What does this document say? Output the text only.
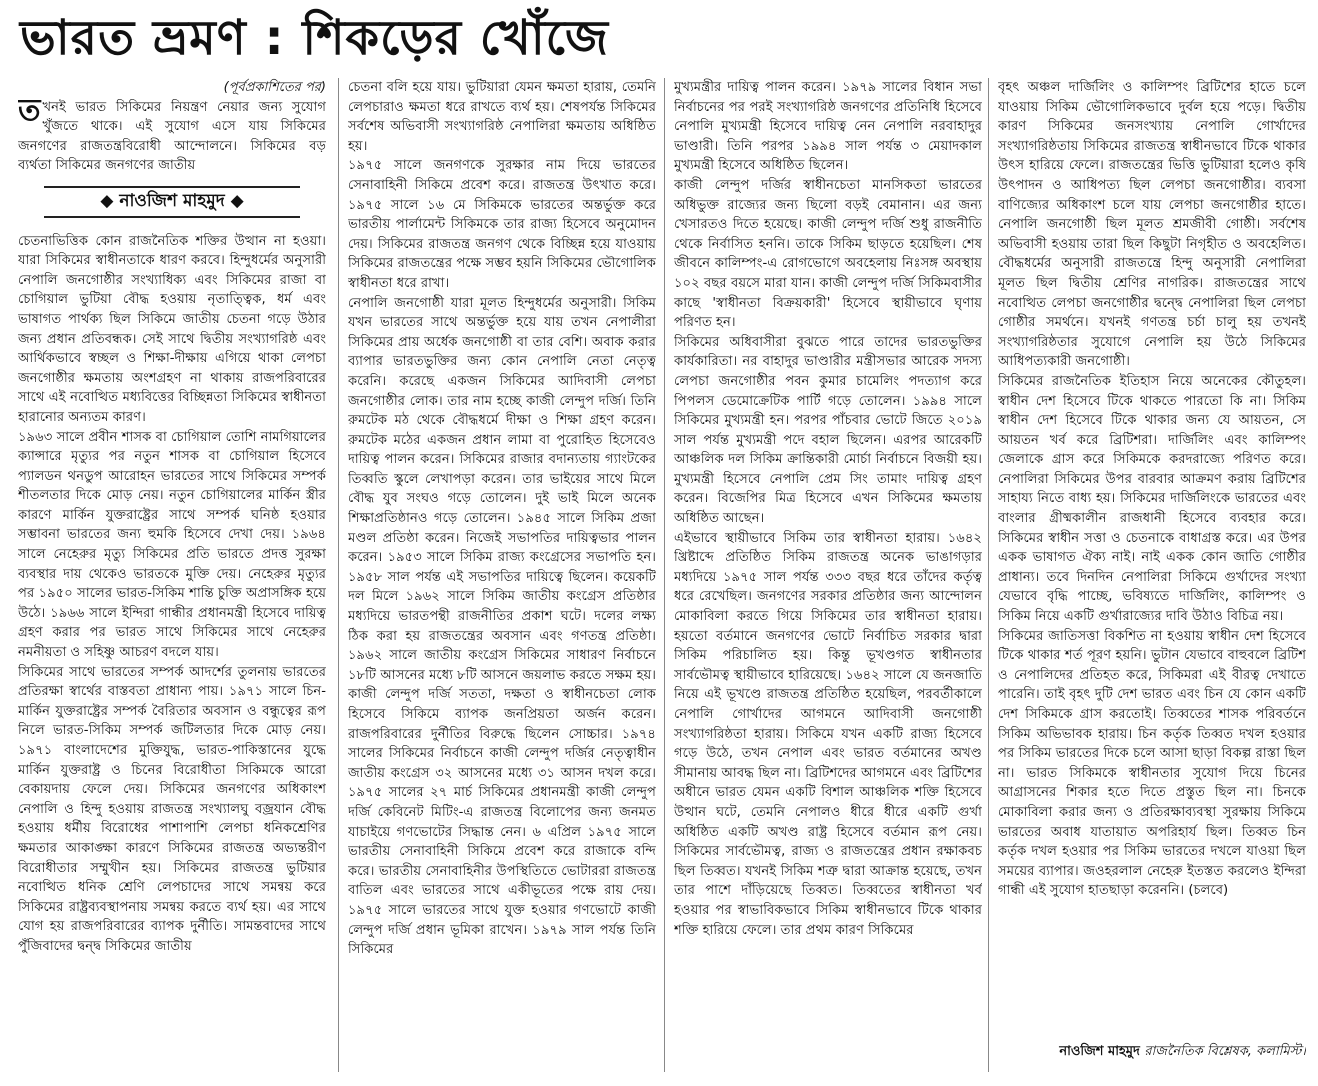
ভারত ভ্রমণ : শিকড়ের খোঁজে
(পূর্বপ্রকাশিতের পর)

তখনই ভারত সিকিমের নিয়ন্ত্রণ নেয়ার জন্য সুযোগ খুঁজতে থাকে। এই সুযোগ এসে যায় সিকিমের জনগণের রাজতন্ত্রবিরোধী আন্দোলনে। সিকিমের বড় ব্যর্থতা সিকিমের জনগণের জাতীয়

◆ নাওজিশ মাহমুদ ◆

চেতনাভিত্তিক কোন রাজনৈতিক শক্তির উত্থান না হওয়া। যারা সিকিমের স্বাধীনতাকে ধারণ করবে। হিন্দুধর্মের অনুসারী নেপালি জনগোষ্ঠীর সংখ্যাধিক্য এবং সিকিমের রাজা বা চোগিয়াল ভুটিয়া বৌদ্ধ হওয়ায় নৃতাত্ত্বিক, ধর্ম এবং ভাষাগত পার্থক্য ছিল সিকিমে জাতীয় চেতনা গড়ে উঠার জন্য প্রধান প্রতিবন্ধক। সেই সাথে দ্বিতীয় সংখ্যাগরিষ্ঠ এবং আর্থিকভাবে স্বচ্ছল ও শিক্ষা-দীক্ষায় এগিয়ে থাকা লেপচা জনগোষ্ঠীর ক্ষমতায় অংশগ্রহণ না থাকায় রাজপরিবারের সাথে এই নবোত্থিত মধ্যবিত্তের বিচ্ছিন্নতা সিকিমের স্বাধীনতা হারানোর অন্যতম কারণ।

১৯৬৩ সালে প্রবীন শাসক বা চোগিয়াল তোশি নামগিয়ালের ক্যান্সারে মৃত্যুর পর নতুন শাসক বা চোগিয়াল হিসেবে প্যালডন থনডুপ আরোহন ভারতের সাথে সিকিমের সম্পর্ক শীতলতার দিকে মোড় নেয়। নতুন চোগিয়ালের মার্কিন স্ত্রীর কারণে মার্কিন যুক্তরাষ্ট্রের সাথে সম্পর্ক ঘনিষ্ঠ হওয়ার সম্ভাবনা ভারতের জন্য হুমকি হিসেবে দেখা দেয়। ১৯৬৪ সালে নেহেরুর মৃত্যু সিকিমের প্রতি ভারতে প্রদত্ত সুরক্ষা ব্যবস্থার দায় থেকেও ভারতকে মুক্তি দেয়। নেহেরুর মৃত্যুর পর ১৯৫০ সালের ভারত-সিকিম শান্তি চুক্তি অপ্রাসঙ্গিক হয়ে উঠে। ১৯৬৬ সালে ইন্দিরা গান্ধীর প্রধানমন্ত্রী হিসেবে দায়িত্ব গ্রহণ করার পর ভারত সাথে সিকিমের সাথে নেহেরুর নমনীয়তা ও সহিষ্ণু আচরণ বদলে যায়।

সিকিমের সাথে ভারতের সম্পর্ক আদর্শের তুলনায় ভারতের প্রতিরক্ষা স্বার্থের বাস্তবতা প্রাধান্য পায়। ১৯৭১ সালে চিন-মার্কিন যুক্তরাষ্ট্রের সম্পর্ক বৈরিতার অবসান ও বন্ধুত্বের রূপ নিলে ভারত-সিকিম সম্পর্ক জটিলতার দিকে মোড় নেয়। ১৯৭১ বাংলাদেশের মুক্তিযুদ্ধ, ভারত-পাকিস্তানের যুদ্ধে মার্কিন যুক্তরাষ্ট্র ও চিনের বিরোধীতা সিকিমকে আরো বেকায়দায় ফেলে দেয়। সিকিমের জনগণের অধিকাংশ নেপালি ও হিন্দু হওয়ায় রাজতন্ত্র সংখ্যালঘু বজ্রযান বৌদ্ধ হওয়ায় ধর্মীয় বিরোধের পাশাপাশি লেপচা ধনিকশ্রেণির ক্ষমতার আকাঙ্ক্ষা কারণে সিকিমের রাজতন্ত্র অভ্যন্তরীণ বিরোধীতার সম্মুখীন হয়। সিকিমের রাজতন্ত্র ভুটিয়ার নবোত্থিত ধনিক শ্রেণি লেপচাদের সাথে সমন্বয় করে সিকিমের রাষ্ট্রব্যবস্থাপনায় সমন্বয় করতে ব্যর্থ হয়। এর সাথে যোগ হয় রাজপরিবারের ব্যাপক দুর্নীতি। সামন্তবাদের সাথে পুঁজিবাদের দ্বন্দ্ব সিকিমের জাতীয়

চেতনা বলি হয়ে যায়। ভুটিয়ারা যেমন ক্ষমতা হারায়, তেমনি লেপচারাও ক্ষমতা ধরে রাখতে ব্যর্থ হয়। শেষপর্যন্ত সিকিমের সর্বশেষ অভিবাসী সংখ্যাগরিষ্ঠ নেপালিরা ক্ষমতায় অধিষ্ঠিত হয়।

১৯৭৫ সালে জনগণকে সুরক্ষার নাম দিয়ে ভারতের সেনাবাহিনী সিকিমে প্রবেশ করে। রাজতন্ত্র উৎখাত করে। ১৯৭৫ সালে ১৬ মে সিকিমকে ভারতের অন্তর্ভুক্ত করে ভারতীয় পার্লামেন্ট সিকিমকে তার রাজ্য হিসেবে অনুমোদন দেয়। সিকিমের রাজতন্ত্র জনগণ থেকে বিচ্ছিন্ন হয়ে যাওয়ায় সিকিমের রাজতন্ত্রের পক্ষে সম্ভব হয়নি সিকিমের ভৌগোলিক স্বাধীনতা ধরে রাখা।

নেপালি জনগোষ্ঠী যারা মূলত হিন্দুধর্মের অনুসারী। সিকিম যখন ভারতের সাথে অন্তর্ভুক্ত হয়ে যায় তখন নেপালীরা সিকিমের প্রায় অর্ধেক জনগোষ্ঠী বা তার বেশি। অবাক করার ব্যাপার ভারতভুক্তির জন্য কোন নেপালি নেতা নেতৃত্ব করেনি। করেছে একজন সিকিমের আদিবাসী লেপচা জনগোষ্ঠীর লোক। তার নাম হচ্ছে কাজী লেন্দুপ দর্জি। তিনি রুমটেক মঠ থেকে বৌদ্ধধর্মে দীক্ষা ও শিক্ষা গ্রহণ করেন। রুমটেক মঠের একজন প্রধান লামা বা পুরোহিত হিসেবেও দায়িত্ব পালন করেন। সিকিমের রাজার বদান্যতায় গ্যাংটকের তিব্বতি স্কুলে লেখাপড়া করেন। তার ভাইয়ের সাথে মিলে বৌদ্ধ যুব সংঘও গড়ে তোলেন। দুই ভাই মিলে অনেক শিক্ষাপ্রতিষ্ঠানও গড়ে তোলেন। ১৯৪৫ সালে সিকিম প্রজা মণ্ডল প্রতিষ্ঠা করেন। নিজেই সভাপতির দায়িত্বভার পালন করেন। ১৯৫৩ সালে সিকিম রাজ্য কংগ্রেসের সভাপতি হন। ১৯৫৮ সাল পর্যন্ত এই সভাপতির দায়িত্বে ছিলেন। কয়েকটি দল মিলে ১৯৬২ সালে সিকিম জাতীয় কংগ্রেস প্রতিষ্ঠার মধ্যদিয়ে ভারতপন্থী রাজনীতির প্রকাশ ঘটে। দলের লক্ষ্য ঠিক করা হয় রাজতন্ত্রের অবসান এবং গণতন্ত্র প্রতিষ্ঠা। ১৯৬২ সালে জাতীয় কংগ্রেস সিকিমের সাধারণ নির্বাচনে ১৮টি আসনের মধ্যে ৮টি আসনে জয়লাভ করতে সক্ষম হয়। কাজী লেন্দুপ দর্জি সততা, দক্ষতা ও স্বাধীনচেতা লোক হিসেবে সিকিমে ব্যাপক জনপ্রিয়তা অর্জন করেন। রাজপরিবারের দুর্নীতির বিরুদ্ধে ছিলেন সোচ্চার। ১৯৭৪ সালের সিকিমের নির্বাচনে কাজী লেন্দুপ দর্জির নেতৃত্বাধীন জাতীয় কংগ্রেস ৩২ আসনের মধ্যে ৩১ আসন দখল করে। ১৯৭৫ সালের ২৭ মার্চ সিকিমের প্রধানমন্ত্রী কাজী লেন্দুপ দর্জি কেবিনেট মিটিং-এ রাজতন্ত্র বিলোপের জন্য জনমত যাচাইয়ে গণভোটের সিদ্ধান্ত নেন। ৬ এপ্রিল ১৯৭৫ সালে ভারতীয় সেনাবাহিনী সিকিমে প্রবেশ করে রাজাকে বন্দি করে। ভারতীয় সেনাবাহিনীর উপস্থিতিতে ভোটাররা রাজতন্ত্র বাতিল এবং ভারতের সাথে একীভূতের পক্ষে রায় দেয়। ১৯৭৫ সালে ভারতের সাথে যুক্ত হওয়ার গণভোটে কাজী লেন্দুপ দর্জি প্রধান ভূমিকা রাখেন। ১৯৭৯ সাল পর্যন্ত তিনি সিকিমের

মুখ্যমন্ত্রীর দায়িত্ব পালন করেন। ১৯৭৯ সালের বিধান সভা নির্বাচনের পর পরই সংখ্যাগরিষ্ঠ জনগণের প্রতিনিধি হিসেবে নেপালি মুখ্যমন্ত্রী হিসেবে দায়িত্ব নেন নেপালি নরবাহাদুর ভাণ্ডারী। তিনি পরপর ১৯৯৪ সাল পর্যন্ত ৩ মেয়াদকাল মুখ্যমন্ত্রী হিসেবে অধিষ্ঠিত ছিলেন।

কাজী লেন্দুপ দর্জির স্বাধীনচেতা মানসিকতা ভারতের অধিভুক্ত রাজ্যের জন্য ছিলো বড়ই বেমানান। এর জন্য খেসারতও দিতে হয়েছে। কাজী লেন্দুপ দর্জি শুধু রাজনীতি থেকে নির্বাসিত হননি। তাকে সিকিম ছাড়তে হয়েছিল। শেষ জীবনে কালিম্পং-এ রোগভোগে অবহেলায় নিঃসঙ্গ অবস্থায় ১০২ বছর বয়সে মারা যান। কাজী লেন্দুপ দর্জি সিকিমবাসীর কাছে 'স্বাধীনতা বিক্রয়কারী' হিসেবে স্থায়ীভাবে ঘৃণায় পরিণত হন।

সিকিমের অধিবাসীরা বুঝতে পারে তাদের ভারতভুক্তির কার্যকারিতা। নর বাহাদুর ভাণ্ডারীর মন্ত্রীসভার আরেক সদস্য লেপচা জনগোষ্ঠীর পবন কুমার চামেলিং পদত্যাগ করে পিপলস ডেমোক্রেটিক পার্টি গড়ে তোলেন। ১৯৯৪ সালে সিকিমের মুখ্যমন্ত্রী হন। পরপর পাঁচবার ভোটে জিতে ২০১৯ সাল পর্যন্ত মুখ্যমন্ত্রী পদে বহাল ছিলেন। এরপর আরেকটি আঞ্চলিক দল সিকিম ক্রান্তিকারী মোর্চা নির্বাচনে বিজয়ী হয়। মুখ্যমন্ত্রী হিসেবে নেপালি প্রেম সিং তামাং দায়িত্ব গ্রহণ করেন। বিজেপির মিত্র হিসেবে এখন সিকিমের ক্ষমতায় অধিষ্ঠিত আছেন।

এইভাবে স্থায়ীভাবে সিকিম তার স্বাধীনতা হারায়। ১৬৪২ খ্রিষ্টাব্দে প্রতিষ্ঠিত সিকিম রাজতন্ত্র অনেক ভাঙাগড়ার মধ্যদিয়ে ১৯৭৫ সাল পর্যন্ত ৩৩৩ বছর ধরে তাঁদের কর্তৃত্ব ধরে রেখেছিল। জনগণের সরকার প্রতিষ্ঠার জন্য আন্দোলন মোকাবিলা করতে গিয়ে সিকিমের তার স্বাধীনতা হারায়। হয়তো বর্তমানে জনগণের ভোটে নির্বাচিত সরকার দ্বারা সিকিম পরিচালিত হয়। কিন্তু ভূখণ্ডগত স্বাধীনতার সার্বভৌমত্ব স্থায়ীভাবে হারিয়েছে। ১৬৪২ সালে যে জনজাতি নিয়ে এই ভূখণ্ডে রাজতন্ত্র প্রতিষ্ঠিত হয়েছিল, পরবর্তীকালে নেপালি গোর্খাদের আগমনে আদিবাসী জনগোষ্ঠী সংখ্যাগরিষ্ঠতা হারায়। সিকিমে যখন একটি রাজ্য হিসেবে গড়ে উঠে, তখন নেপাল এবং ভারত বর্তমানের অখণ্ড সীমানায় আবদ্ধ ছিল না। ব্রিটিশদের আগমনে এবং ব্রিটিশের অধীনে ভারত যেমন একটি বিশাল আঞ্চলিক শক্তি হিসেবে উত্থান ঘটে, তেমনি নেপালও ধীরে ধীরে একটি গুর্খা অধিষ্ঠিত একটি অখণ্ড রাষ্ট্র হিসেবে বর্তমান রূপ নেয়। সিকিমের সার্বভৌমত্ব, রাজ্য ও রাজতন্ত্রের প্রধান রক্ষাকবচ ছিল তিব্বত। যখনই সিকিম শত্রু দ্বারা আক্রান্ত হয়েছে, তখন তার পাশে দাঁড়িয়েছে তিব্বত। তিব্বতের স্বাধীনতা খর্ব হওয়ার পর স্বাভাবিকভাবে সিকিম স্বাধীনভাবে টিকে থাকার শক্তি হারিয়ে ফেলে। তার প্রথম কারণ সিকিমের

বৃহৎ অঞ্চল দার্জিলিং ও কালিম্পং ব্রিটিশের হাতে চলে যাওয়ায় সিকিম ভৌগোলিকভাবে দুর্বল হয়ে পড়ে। দ্বিতীয় কারণ সিকিমের জনসংখ্যায় নেপালি গোর্খাদের সংখ্যাগরিষ্ঠতায় সিকিমের রাজতন্ত্র স্বাধীনভাবে টিকে থাকার উৎস হারিয়ে ফেলে। রাজতন্ত্রের ভিত্তি ভুটিয়ারা হলেও কৃষি উৎপাদন ও আধিপত্য ছিল লেপচা জনগোষ্ঠীর। ব্যবসা বাণিজ্যের অধিকাংশ চলে যায় লেপচা জনগোষ্ঠীর হাতে। নেপালি জনগোষ্ঠী ছিল মূলত শ্রমজীবী গোষ্ঠী। সর্বশেষ অভিবাসী হওয়ায় তারা ছিল কিছুটা নিগৃহীত ও অবহেলিত। বৌদ্ধধর্মের অনুসারী রাজতন্ত্রে হিন্দু অনুসারী নেপালিরা মূলত ছিল দ্বিতীয় শ্রেণির নাগরিক। রাজতন্ত্রের সাথে নবোত্থিত লেপচা জনগোষ্ঠীর দ্বন্দ্বে নেপালিরা ছিল লেপচা গোষ্ঠীর সমর্থনে। যখনই গণতন্ত্র চর্চা চালু হয় তখনই সংখ্যাগরিষ্ঠতার সুযোগে নেপালি হয় উঠে সিকিমের আধিপত্যকারী জনগোষ্ঠী।

সিকিমের রাজনৈতিক ইতিহাস নিয়ে অনেকের কৌতুহল। স্বাধীন দেশ হিসেবে টিকে থাকতে পারতো কি না। সিকিম স্বাধীন দেশ হিসেবে টিকে থাকার জন্য যে আয়তন, সে আয়তন খর্ব করে ব্রিটিশরা। দার্জিলিং এবং কালিম্পং জেলাকে গ্রাস করে সিকিমকে করদরাজ্যে পরিণত করে। নেপালিরা সিকিমের উপর বারবার আক্রমণ করায় ব্রিটিশের সাহায্য নিতে বাধ্য হয়। সিকিমের দার্জিলিংকে ভারতের এবং বাংলার গ্রীষ্মকালীন রাজধানী হিসেবে ব্যবহার করে। সিকিমের স্বাধীন সত্তা ও চেতনাকে বাধাগ্রস্ত করে। এর উপর একক ভাষাগত ঐক্য নাই। নাই একক কোন জাতি গোষ্ঠীর প্রাধান্য। তবে দিনদিন নেপালিরা সিকিমে গুর্খাদের সংখ্যা যেভাবে বৃদ্ধি পাচ্ছে, ভবিষ্যতে দার্জিলিং, কালিম্পং ও সিকিম নিয়ে একটি গুর্খারাজ্যের দাবি উঠাও বিচিত্র নয়।

সিকিমের জাতিসত্তা বিকশিত না হওয়ায় স্বাধীন দেশ হিসেবে টিকে থাকার শর্ত পূরণ হয়নি। ভুটান যেভাবে বাহুবলে ব্রিটিশ ও নেপালিদের প্রতিহত করে, সিকিমরা এই বীরত্ব দেখাতে পারেনি। তাই বৃহৎ দুটি দেশ ভারত এবং চিন যে কোন একটি দেশ সিকিমকে গ্রাস করতোই। তিব্বতের শাসক পরিবর্তনে সিকিম অভিভাবক হারায়। চিন কর্তৃক তিব্বত দখল হওয়ার পর সিকিম ভারতের দিকে চলে আসা ছাড়া বিকল্প রাস্তা ছিল না। ভারত সিকিমকে স্বাধীনতার সুযোগ দিয়ে চিনের আগ্রাসনের শিকার হতে দিতে প্রস্তুত ছিল না। চিনকে মোকাবিলা করার জন্য ও প্রতিরক্ষাব্যবস্থা সুরক্ষায় সিকিমে ভারতের অবাধ যাতায়াত অপরিহার্য ছিল। তিব্বত চিন কর্তৃক দখল হওয়ার পর সিকিম ভারতের দখলে যাওয়া ছিল সময়ের ব্যাপার। জওহরলাল নেহেরু ইতস্তত করলেও ইন্দিরা গান্ধী এই সুযোগ হাতছাড়া করেননি। (চলবে)

নাওজিশ মাহমুদ রাজনৈতিক বিশ্লেষক, কলামিস্ট।
